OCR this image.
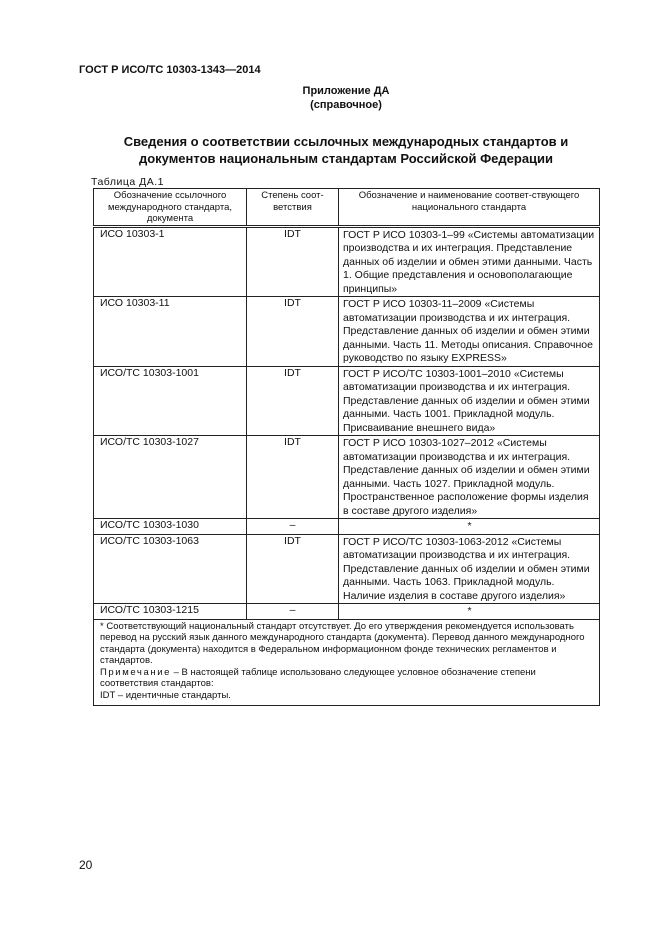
ГОСТ Р ИСО/ТС 10303-1343—2014
Приложение ДА
(справочное)
Сведения о соответствии ссылочных международных стандартов и
документов национальным стандартам Российской Федерации
Таблица ДА.1
Обозначение ссылочного международного стандарта, документа	Степень соот-ветствия	Обозначение и наименование соответ-ствующего национального стандарта
ИСО 10303-1	IDT	ГОСТ Р ИСО 10303-1–99 «Системы автоматизации производства и их интеграция. Представление данных об изделии и обмен этими данными. Часть 1. Общие представления и основополагающие принципы»
ИСО 10303-11	IDT	ГОСТ Р ИСО 10303-11–2009 «Системы автоматизации производства и их интеграция. Представление данных об изделии и обмен этими данными. Часть 11. Методы описания. Справочное руководство по языку EXPRESS»
ИСО/ТС 10303-1001	IDT	ГОСТ Р ИСО/ТС 10303-1001–2010 «Системы автоматизации производства и их интеграция. Представление данных об изделии и обмен этими данными. Часть 1001. Прикладной модуль. Присваивание внешнего вида»
ИСО/ТС 10303-1027	IDT	ГОСТ Р ИСО 10303-1027–2012 «Системы автоматизации производства и их интеграция. Представление данных об изделии и обмен этими данными. Часть 1027. Прикладной модуль. Пространственное расположение формы изделия в составе другого изделия»
ИСО/ТС 10303-1030	–	*
ИСО/ТС 10303-1063	IDT	ГОСТ Р ИСО/ТС 10303-1063-2012 «Системы автоматизации производства и их интеграция. Представление данных об изделии и обмен этими данными. Часть 1063. Прикладной модуль. Наличие изделия в составе другого изделия»
ИСО/ТС 10303-1215	–	*

* Соответствующий национальный стандарт отсутствует. До его утверждения рекомендуется использовать перевод на русский язык данного международного стандарта (документа). Перевод данного международного стандарта (документа) находится в Федеральном информационном фонде технических регламентов и стандартов.
Примечание – В настоящей таблице использовано следующее условное обозначение степени соответствия стандартов:
IDT – идентичные стандарты.		
20
